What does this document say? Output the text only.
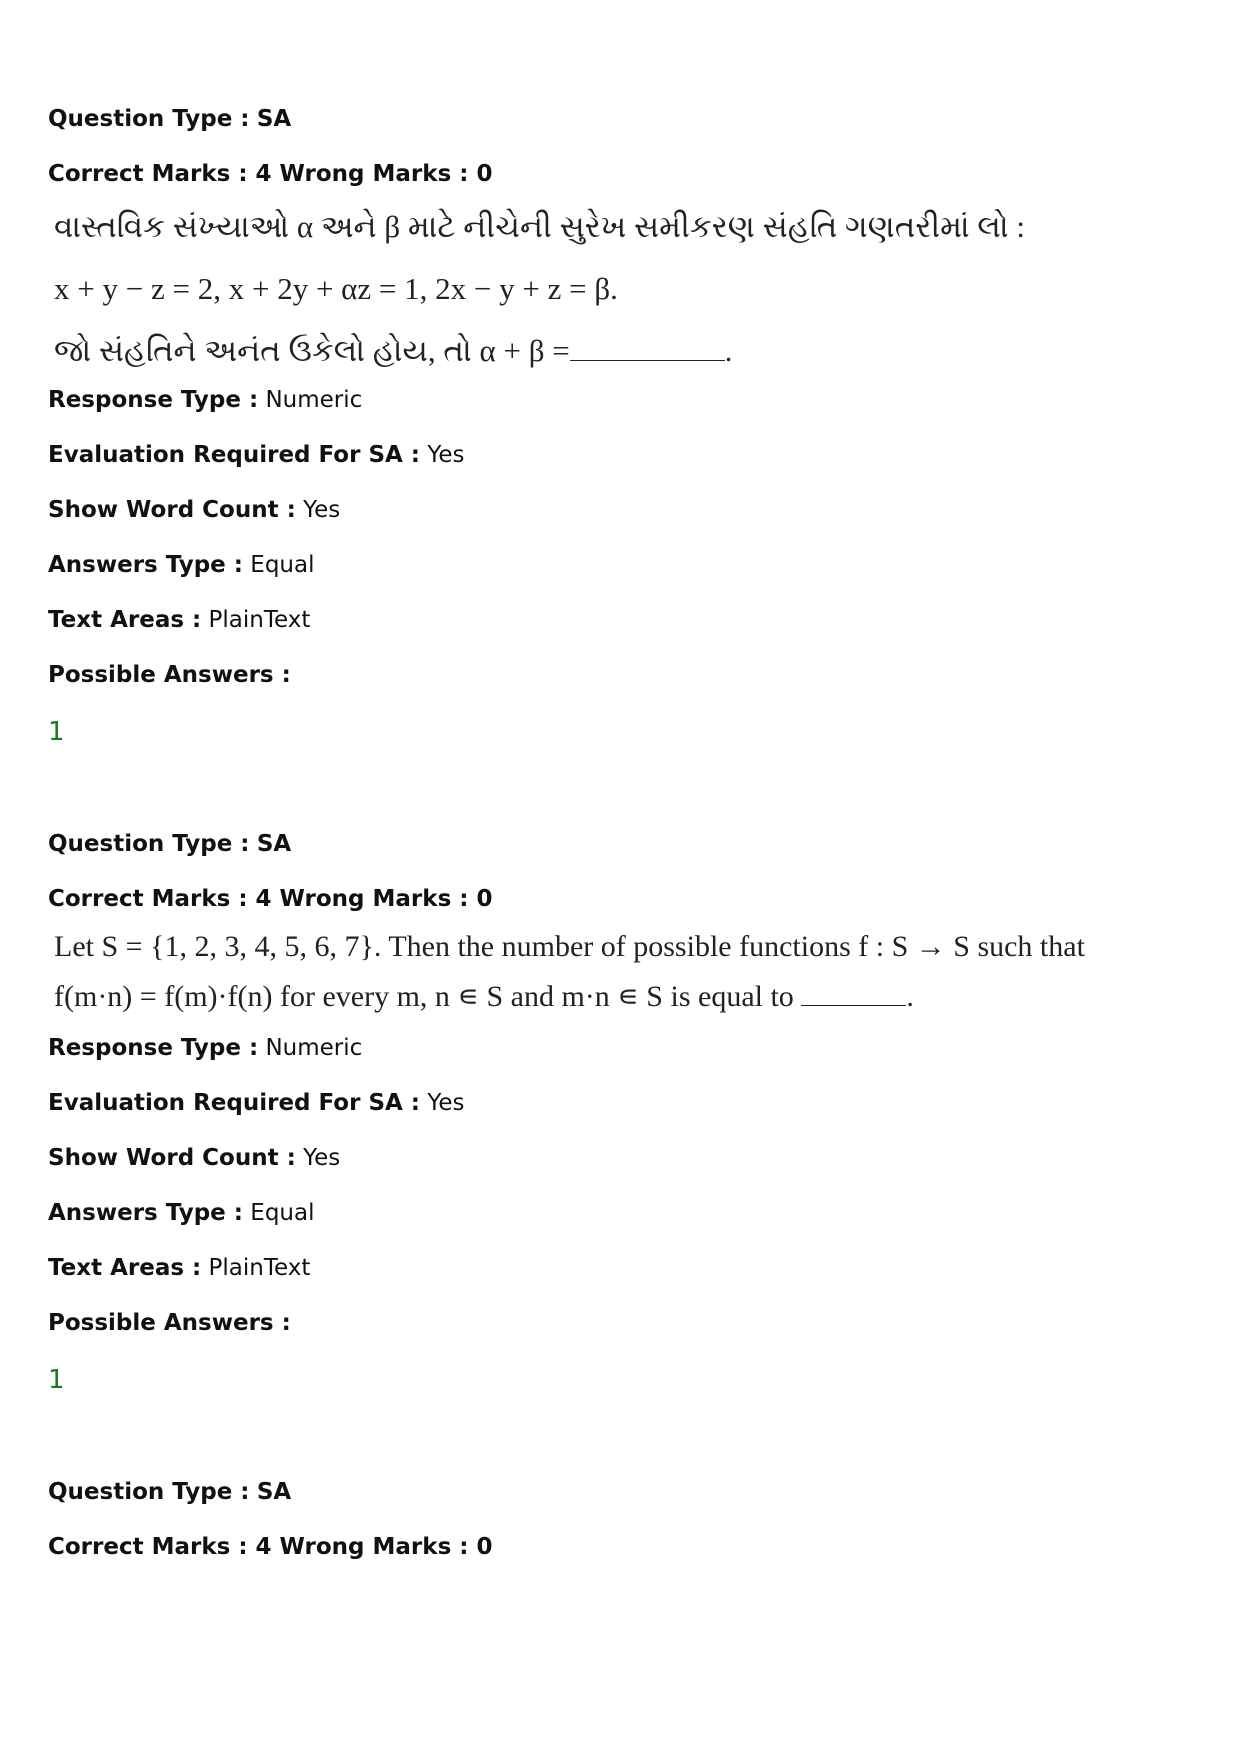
Question Type : SA

Correct Marks : 4 Wrong Marks : 0

વાસ્તવિક સંખ્યાઓ α અને β માટે નીચેની સુરેખ સમીકરણ સંહતિ ગણતરીમાં લો :

x + y − z = 2, x + 2y + αz = 1, 2x − y + z = β.

જો સંહતિને અનંત ઉકેલો હોય, તો α + β =	.

Response Type : Numeric

Evaluation Required For SA : Yes

Show Word Count : Yes

Answers Type : Equal

Text Areas : PlainText

Possible Answers :

1

Question Type : SA

Correct Marks : 4 Wrong Marks : 0

Let S = {1, 2, 3, 4, 5, 6, 7}. Then the number of possible functions f : S → S such that

f(m·n) = f(m)·f(n) for every m, n ∊ S and m·n ∊ S is equal to	.

Response Type : Numeric

Evaluation Required For SA : Yes

Show Word Count : Yes

Answers Type : Equal

Text Areas : PlainText

Possible Answers :

1

Question Type : SA

Correct Marks : 4 Wrong Marks : 0
